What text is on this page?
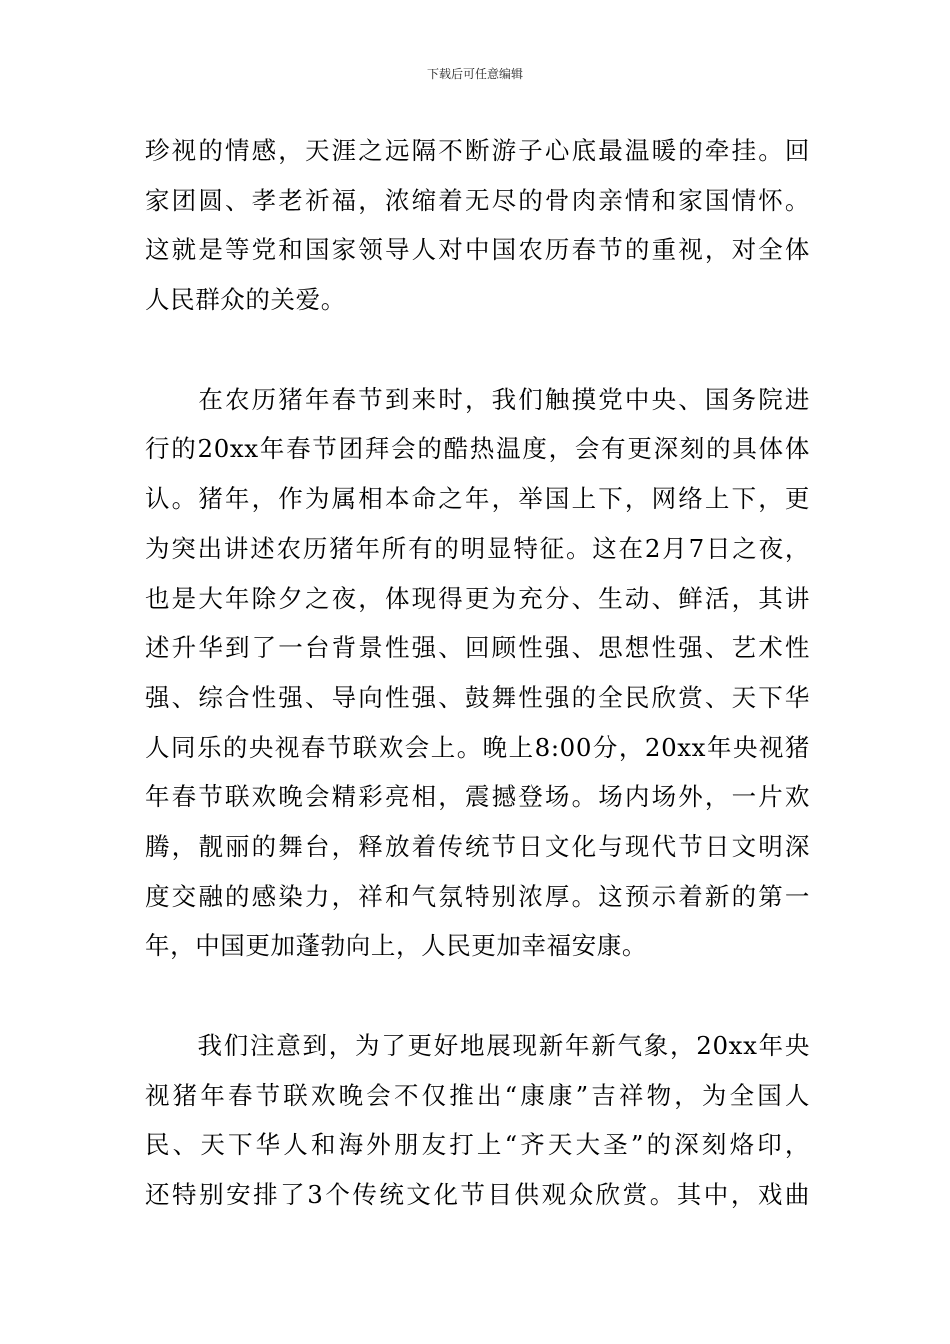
下载后可任意编辑
珍视的情感，天涯之远隔不断游子心底最温暖的牵挂。回
家团圆、孝老祈福，浓缩着无尽的骨肉亲情和家国情怀。
这就是等党和国家领导人对中国农历春节的重视，对全体
人民群众的关爱。
　　在农历猪年春节到来时，我们触摸党中央、国务院进
行的20xx年春节团拜会的酷热温度，会有更深刻的具体体
认。猪年，作为属相本命之年，举国上下，网络上下，更
为突出讲述农历猪年所有的明显特征。这在2月7日之夜，
也是大年除夕之夜，体现得更为充分、生动、鲜活，其讲
述升华到了一台背景性强、回顾性强、思想性强、艺术性
强、综合性强、导向性强、鼓舞性强的全民欣赏、天下华
人同乐的央视春节联欢会上。晚上8:00分，20xx年央视猪
年春节联欢晚会精彩亮相，震撼登场。场内场外，一片欢
腾，靓丽的舞台，释放着传统节日文化与现代节日文明深
度交融的感染力，祥和气氛特别浓厚。这预示着新的第一
年，中国更加蓬勃向上，人民更加幸福安康。
　　我们注意到，为了更好地展现新年新气象，20xx年央
视猪年春节联欢晚会不仅推出“康康”吉祥物，为全国人
民、天下华人和海外朋友打上“齐天大圣”的深刻烙印，
还特别安排了3个传统文化节目供观众欣赏。其中，戏曲
